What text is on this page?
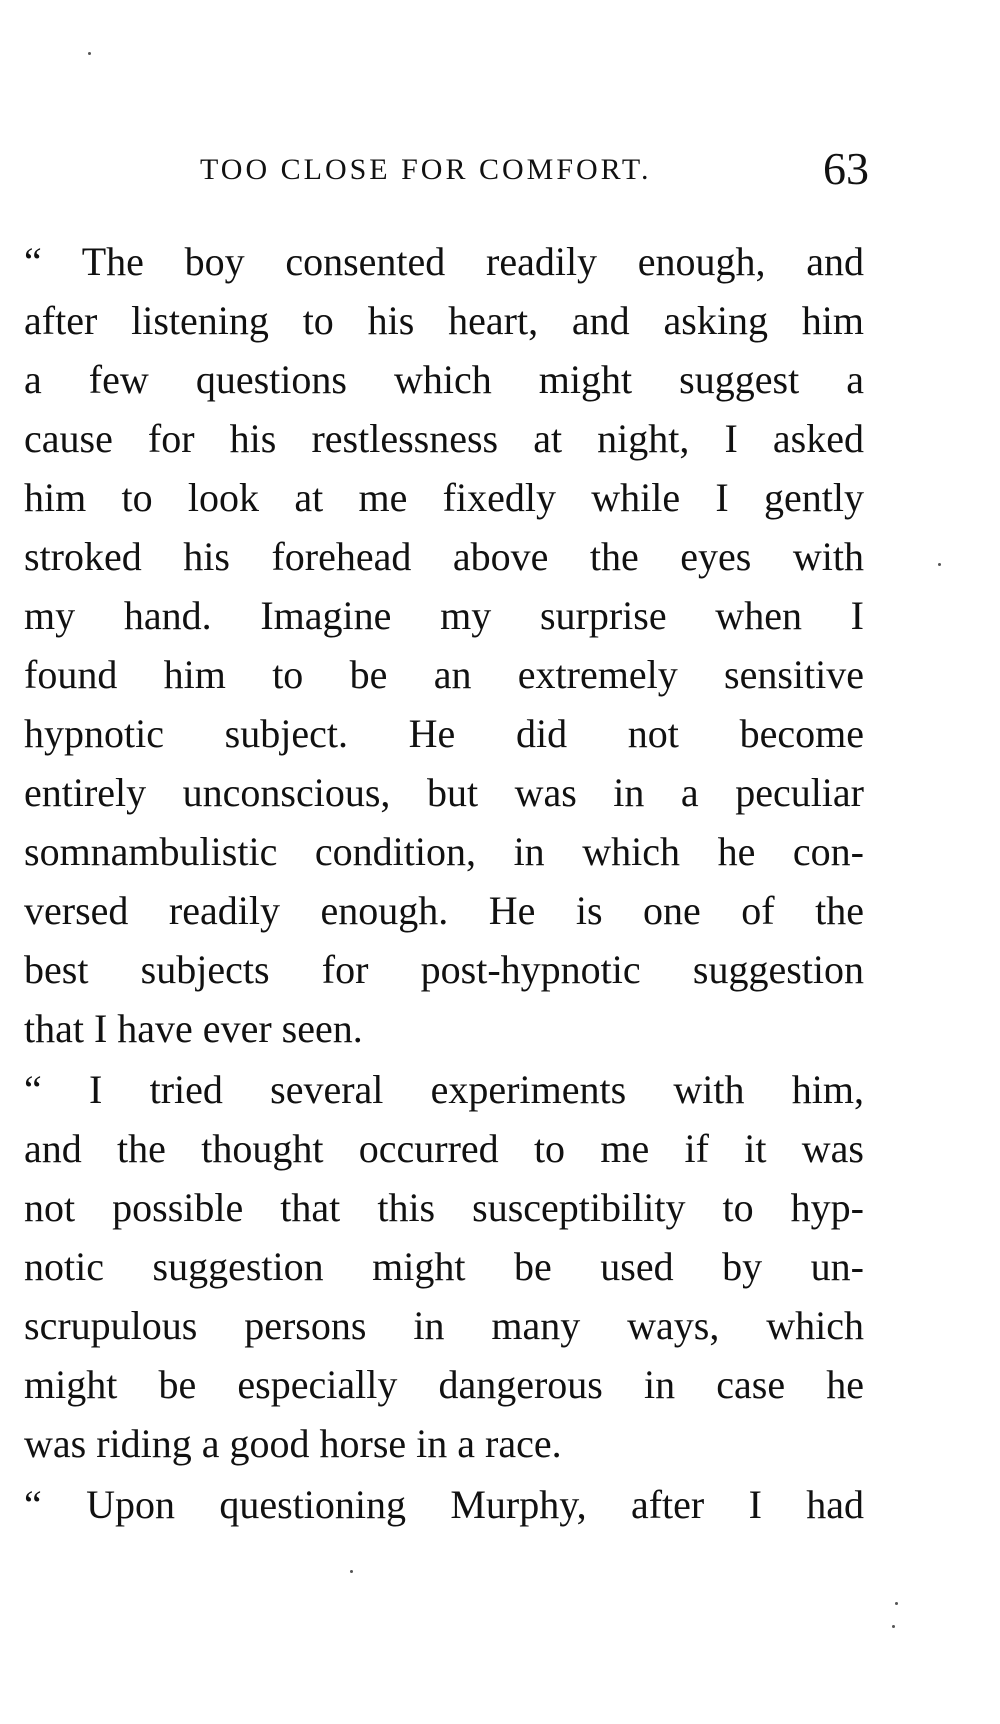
TOO CLOSE FOR COMFORT.	63
“ The boy consented readily enough, and
after listening to his heart, and asking him
a few questions which might suggest a
cause for his restlessness at night, I asked
him to look at me fixedly while I gently
stroked his forehead above the eyes with
my hand. Imagine my surprise when I
found him to be an extremely sensitive
hypnotic subject. He did not become
entirely unconscious, but was in a peculiar
somnambulistic condition, in which he con-
versed readily enough. He is one of the
best subjects for post-hypnotic suggestion
that I have ever seen.
“ I tried several experiments with him,
and the thought occurred to me if it was
not possible that this susceptibility to hyp-
notic suggestion might be used by un-
scrupulous persons in many ways, which
might be especially dangerous in case he
was riding a good horse in a race.
“ Upon questioning Murphy, after I had
